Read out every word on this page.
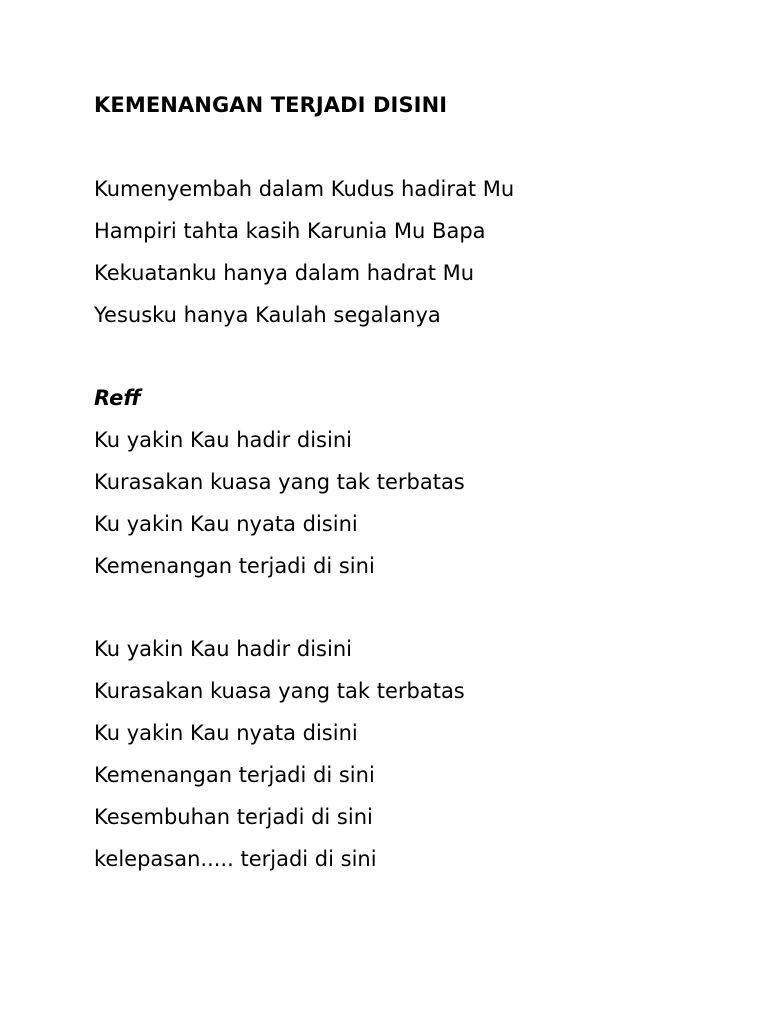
KEMENANGAN TERJADI DISINI
Kumenyembah dalam Kudus hadirat Mu
Hampiri tahta kasih Karunia Mu Bapa
Kekuatanku hanya dalam hadrat Mu
Yesusku hanya Kaulah segalanya
Reff
Ku yakin Kau hadir disini
Kurasakan kuasa yang tak terbatas
Ku yakin Kau nyata disini
Kemenangan terjadi di sini
Ku yakin Kau hadir disini
Kurasakan kuasa yang tak terbatas
Ku yakin Kau nyata disini
Kemenangan terjadi di sini
Kesembuhan terjadi di sini
kelepasan..... terjadi di sini
